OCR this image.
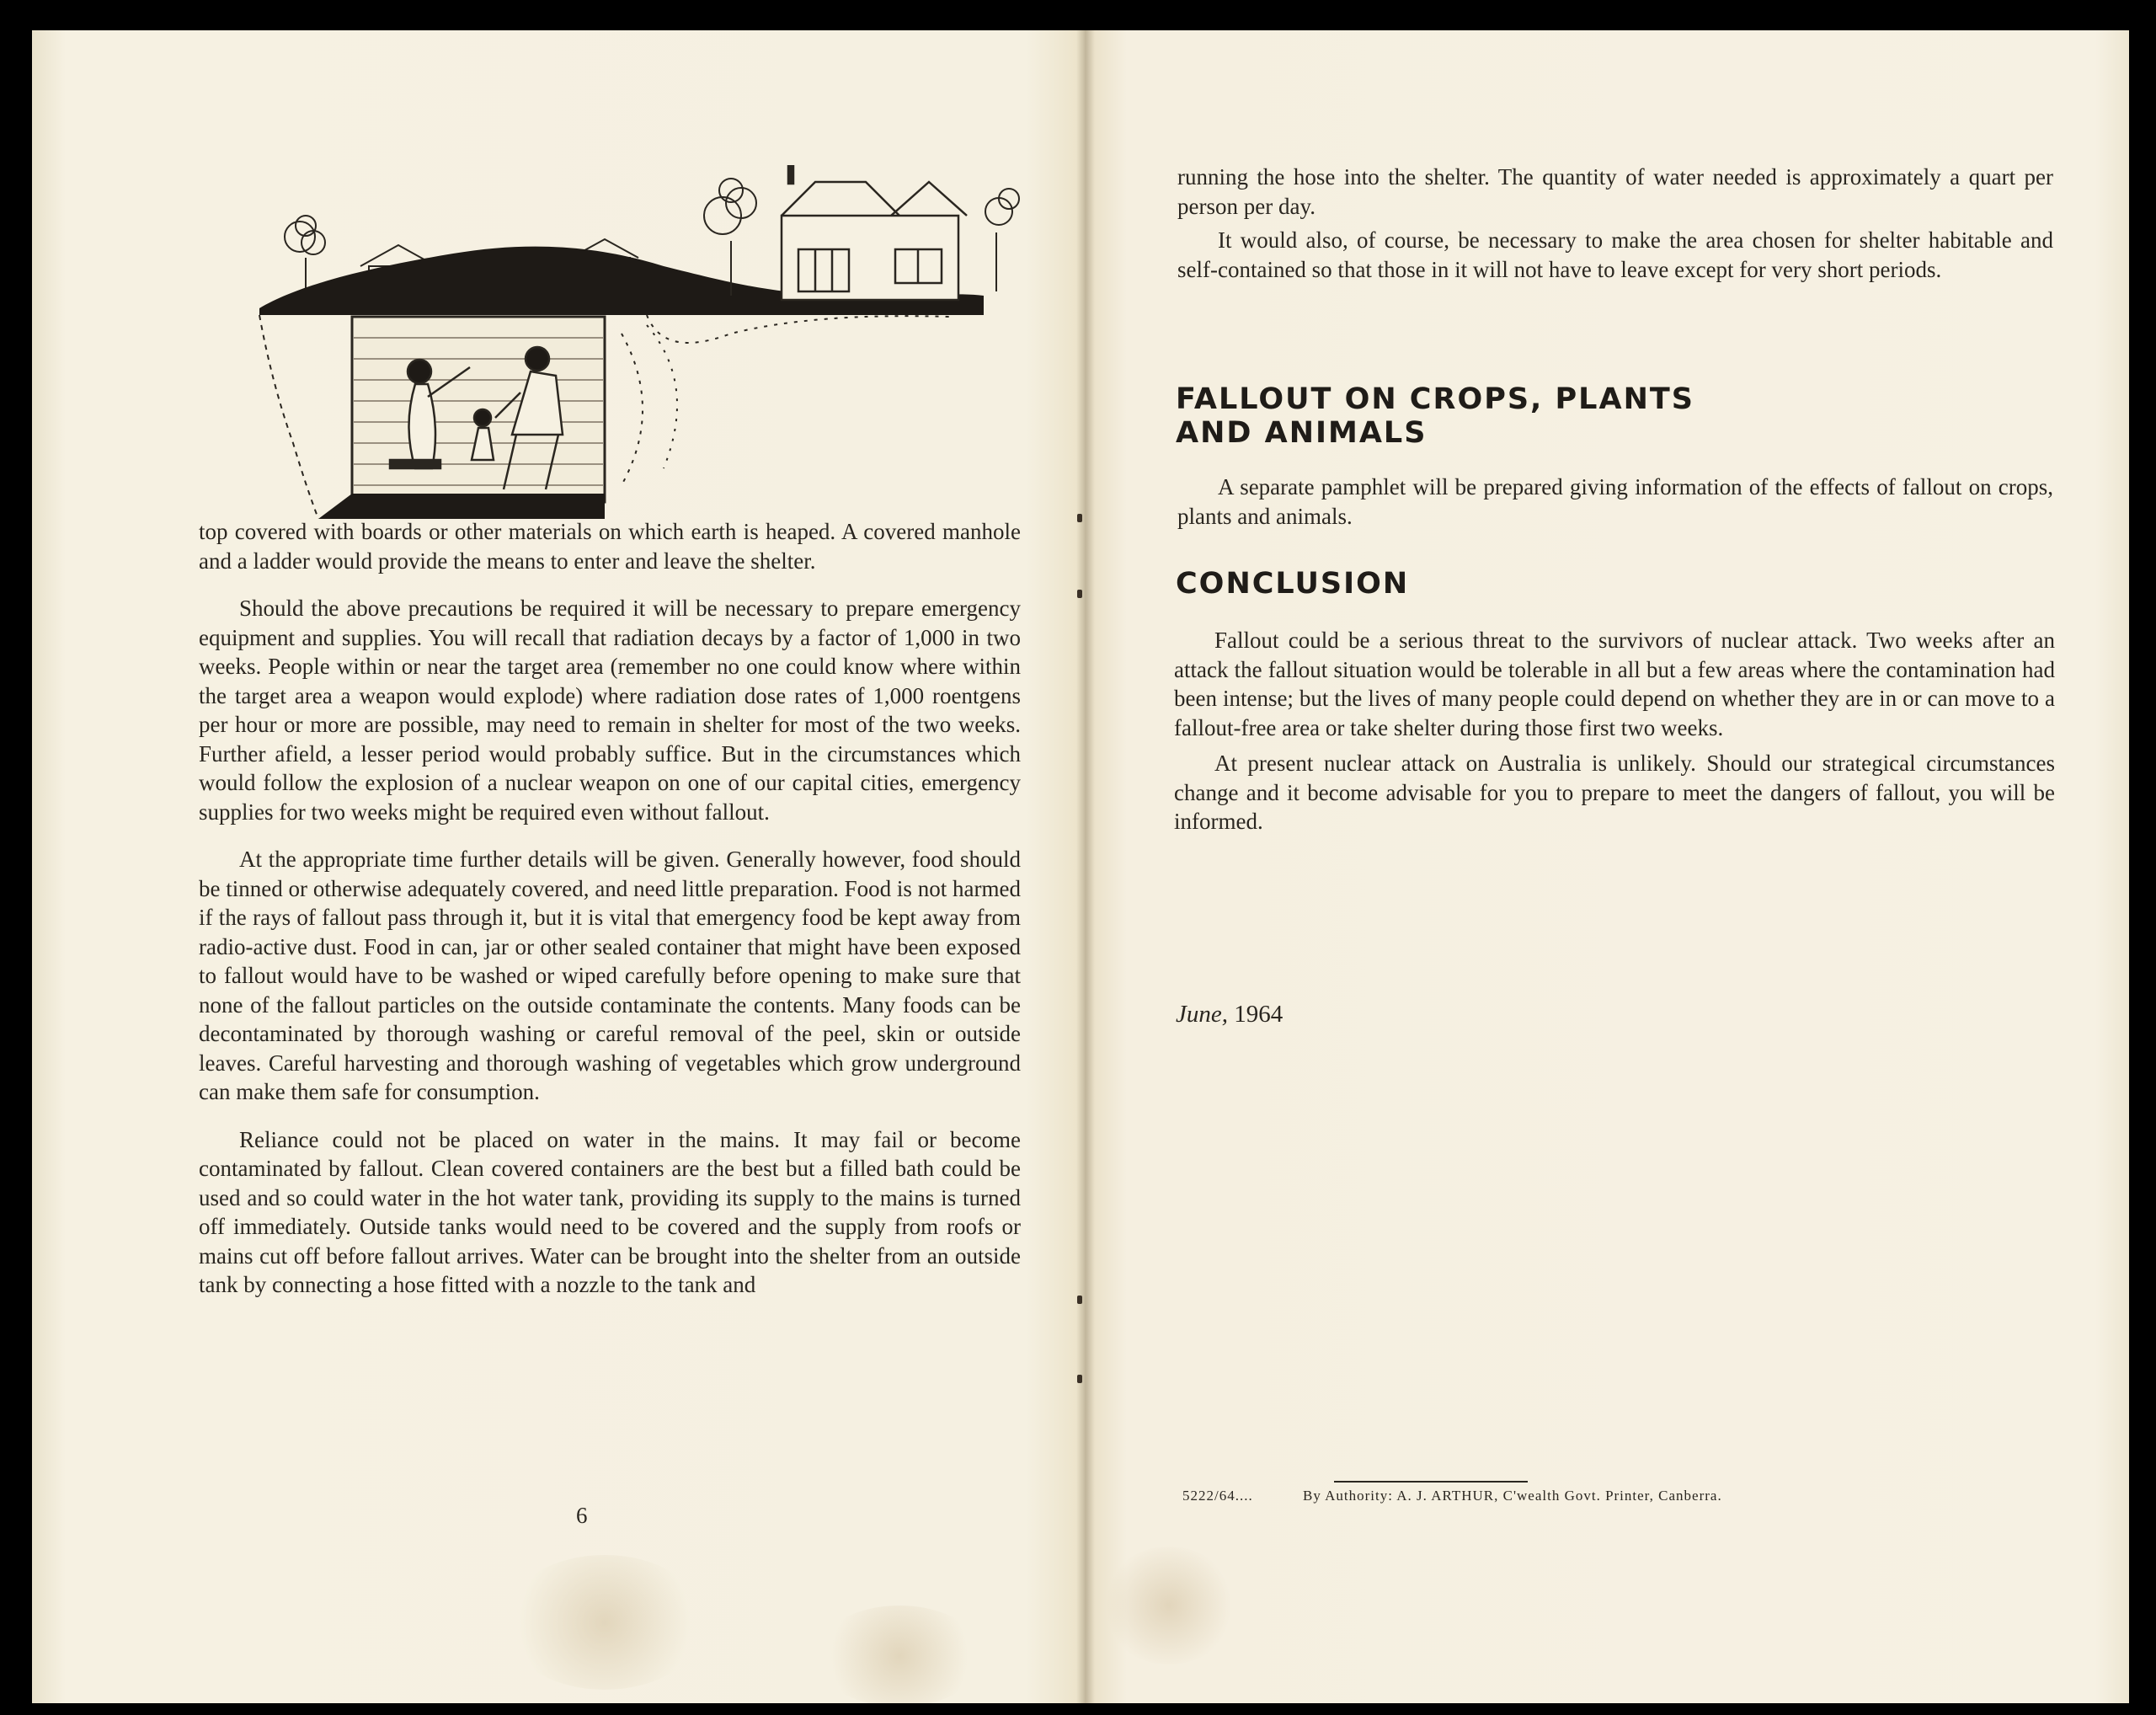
top covered with boards or other materials on which earth is heaped. A covered manhole and a ladder would provide the means to enter and leave the shelter.

Should the above precautions be required it will be necessary to prepare emergency equipment and supplies. You will recall that radiation decays by a factor of 1,000 in two weeks. People within or near the target area (remember no one could know where within the target area a weapon would explode) where radiation dose rates of 1,000 roentgens per hour or more are possible, may need to remain in shelter for most of the two weeks. Further afield, a lesser period would probably suffice. But in the circumstances which would follow the explosion of a nuclear weapon on one of our capital cities, emergency supplies for two weeks might be required even without fallout.

At the appropriate time further details will be given. Generally however, food should be tinned or otherwise adequately covered, and need little preparation. Food is not harmed if the rays of fallout pass through it, but it is vital that emergency food be kept away from radio-active dust. Food in can, jar or other sealed container that might have been exposed to fallout would have to be washed or wiped carefully before opening to make sure that none of the fallout particles on the outside contaminate the contents. Many foods can be decontaminated by thorough washing or careful removal of the peel, skin or outside leaves. Careful harvesting and thorough washing of vegetables which grow underground can make them safe for consumption.

Reliance could not be placed on water in the mains. It may fail or become contaminated by fallout. Clean covered containers are the best but a filled bath could be used and so could water in the hot water tank, providing its supply to the mains is turned off immediately. Outside tanks would need to be covered and the supply from roofs or mains cut off before fallout arrives. Water can be brought into the shelter from an outside tank by connecting a hose fitted with a nozzle to the tank and

6

running the hose into the shelter. The quantity of water needed is approximately a quart per person per day.

It would also, of course, be necessary to make the area chosen for shelter habitable and self-contained so that those in it will not have to leave except for very short periods.

FALLOUT ON CROPS, PLANTS
AND ANIMALS

A separate pamphlet will be prepared giving information of the effects of fallout on crops, plants and animals.

CONCLUSION

Fallout could be a serious threat to the survivors of nuclear attack. Two weeks after an attack the fallout situation would be tolerable in all but a few areas where the contamination had been intense; but the lives of many people could depend on whether they are in or can move to a fallout-free area or take shelter during those first two weeks.

At present nuclear attack on Australia is unlikely. Should our strategical circumstances change and it become advisable for you to prepare to meet the dangers of fallout, you will be informed.

June, 1964
5222/64....	By Authority: A. J. ARTHUR, C'wealth Govt. Printer, Canberra.
